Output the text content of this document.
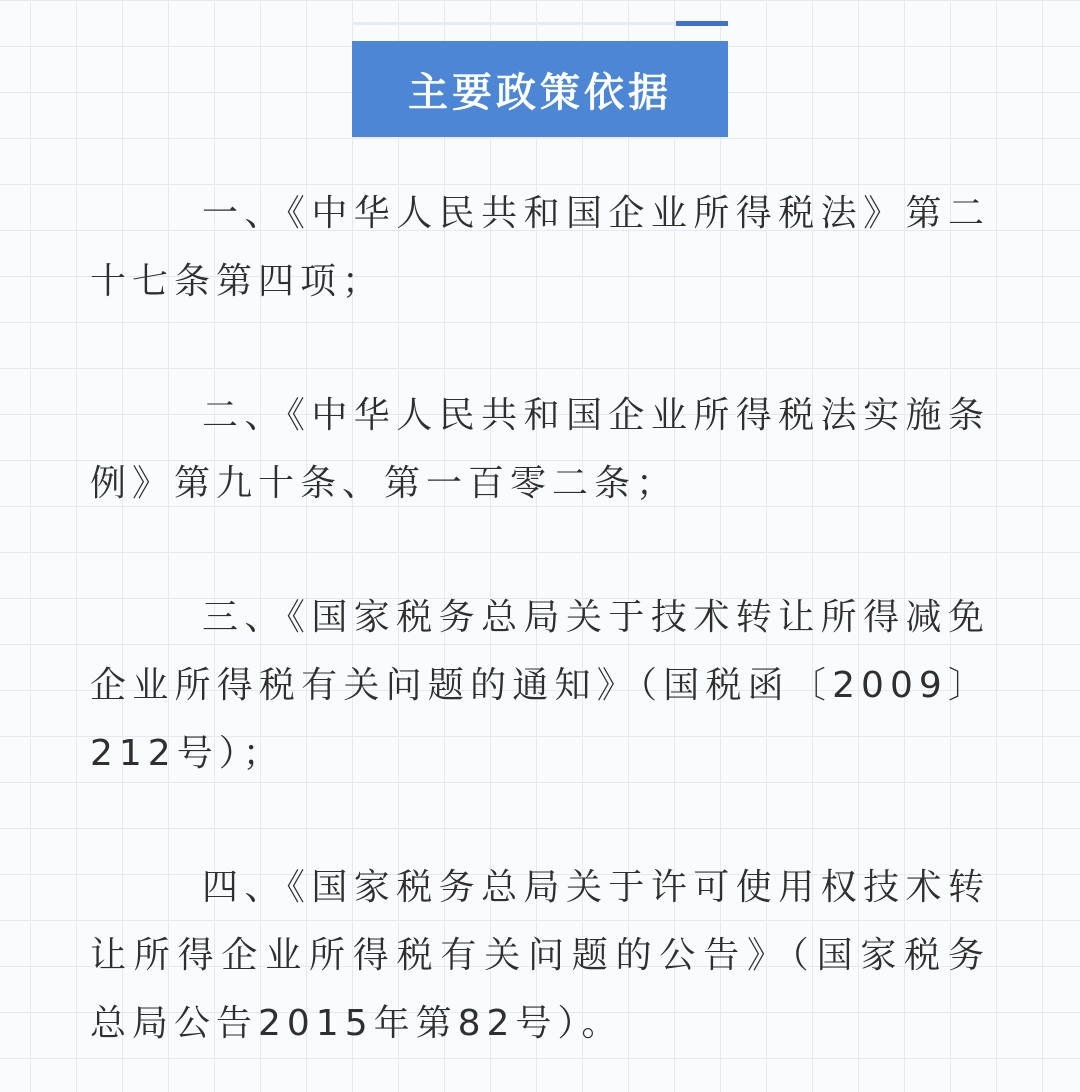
主要政策依据

一、《中华人民共和国企业所得税法》第二十七条第四项；

二、《中华人民共和国企业所得税法实施条例》第九十条、第一百零二条；

三、《国家税务总局关于技术转让所得减免企业所得税有关问题的通知》（国税函〔2009〕212号）；

四、《国家税务总局关于许可使用权技术转让所得企业所得税有关问题的公告》（国家税务总局公告2015年第82号）。
